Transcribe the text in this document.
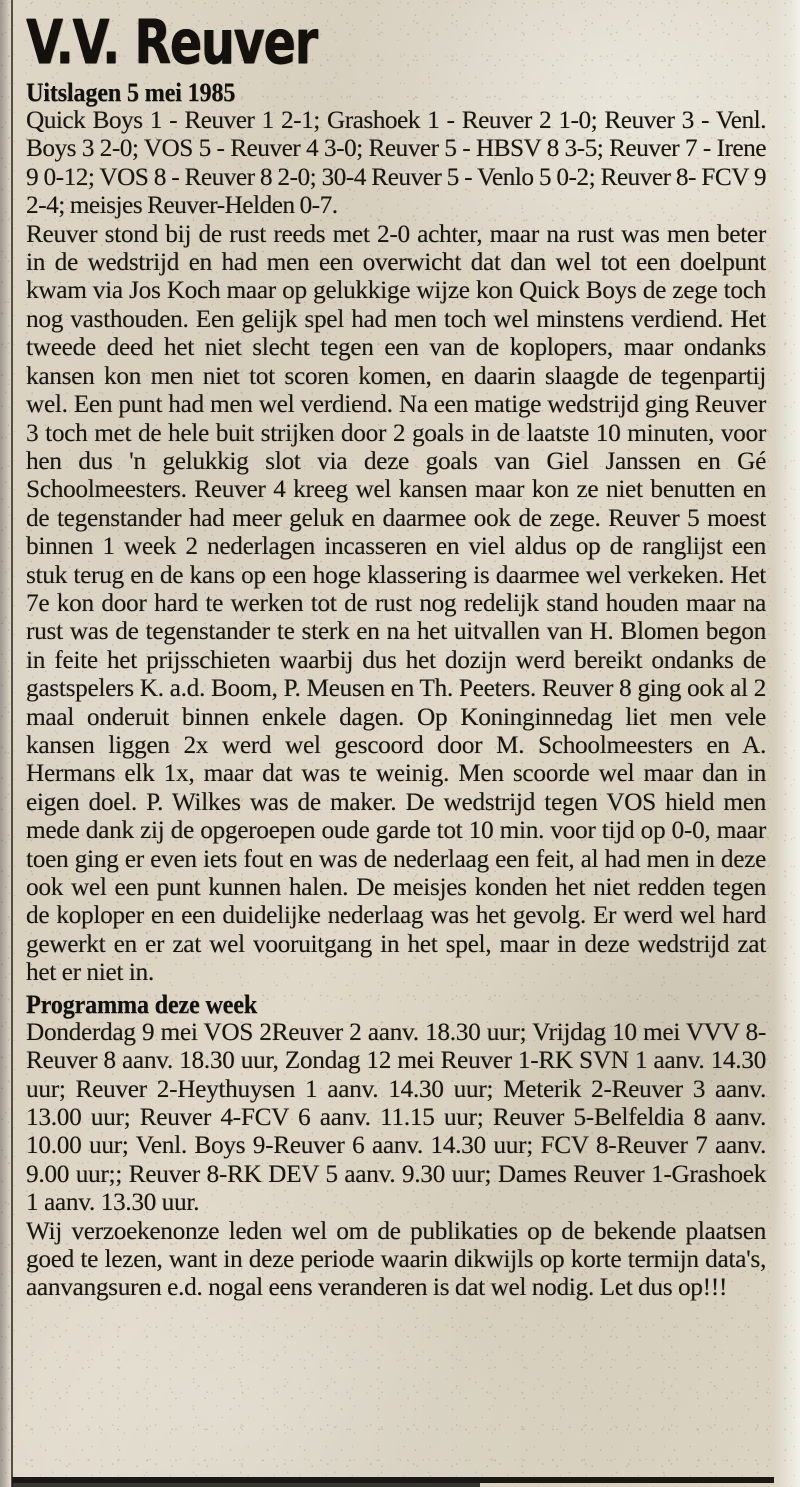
V.V. Reuver
Uitslagen 5 mei 1985

Quick Boys 1 - Reuver 1 2-1; Grashoek 1 - Reuver 2 1-0; Reuver 3 - Venl. Boys 3 2-0; VOS 5 - Reuver 4 3-0; Reuver 5 - HBSV 8 3-5; Reuver 7 - Irene 9 0-12; VOS 8 - Reuver 8 2-0; 30-4 Reuver 5 - Venlo 5 0-2; Reuver 8- FCV 9 2-4; meisjes Reuver-Helden 0-7.

Reuver stond bij de rust reeds met 2-0 achter, maar na rust was men beter in de wedstrijd en had men een overwicht dat dan wel tot een doelpunt kwam via Jos Koch maar op gelukkige wijze kon Quick Boys de zege toch nog vasthouden. Een gelijk spel had men toch wel minstens verdiend. Het tweede deed het niet slecht tegen een van de koplopers, maar ondanks kansen kon men niet tot scoren komen, en daarin slaagde de tegenpartij wel. Een punt had men wel verdiend. Na een matige wedstrijd ging Reuver 3 toch met de hele buit strijken door 2 goals in de laatste 10 minuten, voor hen dus 'n gelukkig slot via deze goals van Giel Janssen en Gé Schoolmeesters. Reuver 4 kreeg wel kansen maar kon ze niet benutten en de tegenstander had meer geluk en daarmee ook de zege. Reuver 5 moest binnen 1 week 2 nederlagen incasseren en viel aldus op de ranglijst een stuk terug en de kans op een hoge klassering is daarmee wel verkeken. Het 7e kon door hard te werken tot de rust nog redelijk stand houden maar na rust was de tegenstander te sterk en na het uitvallen van H. Blomen begon in feite het prijsschieten waarbij dus het dozijn werd bereikt ondanks de gastspelers K. a.d. Boom, P. Meusen en Th. Peeters. Reuver 8 ging ook al 2 maal onderuit binnen enkele dagen. Op Koninginnedag liet men vele kansen liggen 2x werd wel gescoord door M. Schoolmeesters en A. Hermans elk 1x, maar dat was te weinig. Men scoorde wel maar dan in eigen doel. P. Wilkes was de maker. De wedstrijd tegen VOS hield men mede dank zij de opgeroepen oude garde tot 10 min. voor tijd op 0-0, maar toen ging er even iets fout en was de nederlaag een feit, al had men in deze ook wel een punt kunnen halen. De meisjes konden het niet redden tegen de koploper en een duidelijke nederlaag was het gevolg. Er werd wel hard gewerkt en er zat wel vooruitgang in het spel, maar in deze wedstrijd zat het er niet in.

Programma deze week

Donderdag 9 mei VOS 2Reuver 2 aanv. 18.30 uur; Vrijdag 10 mei VVV 8-Reuver 8 aanv. 18.30 uur, Zondag 12 mei Reuver 1-RK SVN 1 aanv. 14.30 uur; Reuver 2-Heythuysen 1 aanv. 14.30 uur; Meterik 2-Reuver 3 aanv. 13.00 uur; Reuver 4-FCV 6 aanv. 11.15 uur; Reuver 5-Belfeldia 8 aanv. 10.00 uur; Venl. Boys 9-Reuver 6 aanv. 14.30 uur; FCV 8-Reuver 7 aanv. 9.00 uur;; Reuver 8-RK DEV 5 aanv. 9.30 uur; Dames Reuver 1-Grashoek 1 aanv. 13.30 uur.

Wij verzoekenonze leden wel om de publikaties op de bekende plaatsen goed te lezen, want in deze periode waarin dikwijls op korte termijn data's, aanvangsuren e.d. nogal eens veranderen is dat wel nodig. Let dus op!!!
